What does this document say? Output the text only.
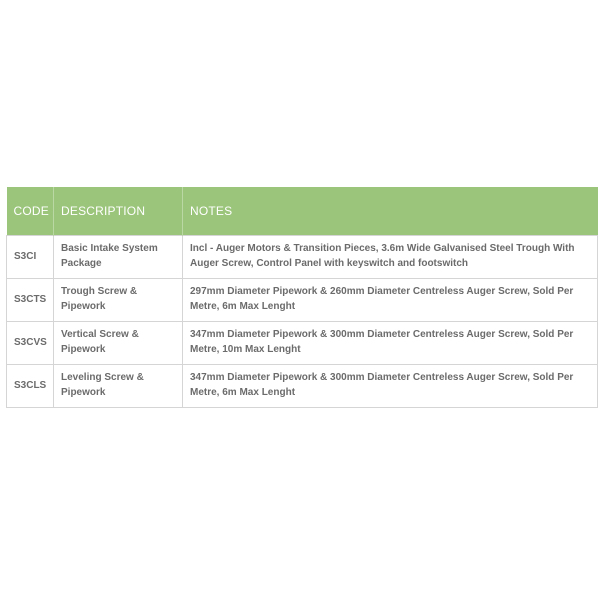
CODE	DESCRIPTION	NOTES
S3CI	Basic Intake System Package	Incl - Auger Motors & Transition Pieces, 3.6m Wide Galvanised Steel Trough With Auger Screw, Control Panel with keyswitch and footswitch
S3CTS	Trough Screw & Pipework	297mm Diameter Pipework & 260mm Diameter Centreless Auger Screw, Sold Per Metre, 6m Max Lenght
S3CVS	Vertical Screw & Pipework	347mm Diameter Pipework & 300mm Diameter Centreless Auger Screw, Sold Per Metre, 10m Max Lenght
S3CLS	Leveling Screw & Pipework	347mm Diameter Pipework & 300mm Diameter Centreless Auger Screw, Sold Per Metre, 6m Max Lenght
